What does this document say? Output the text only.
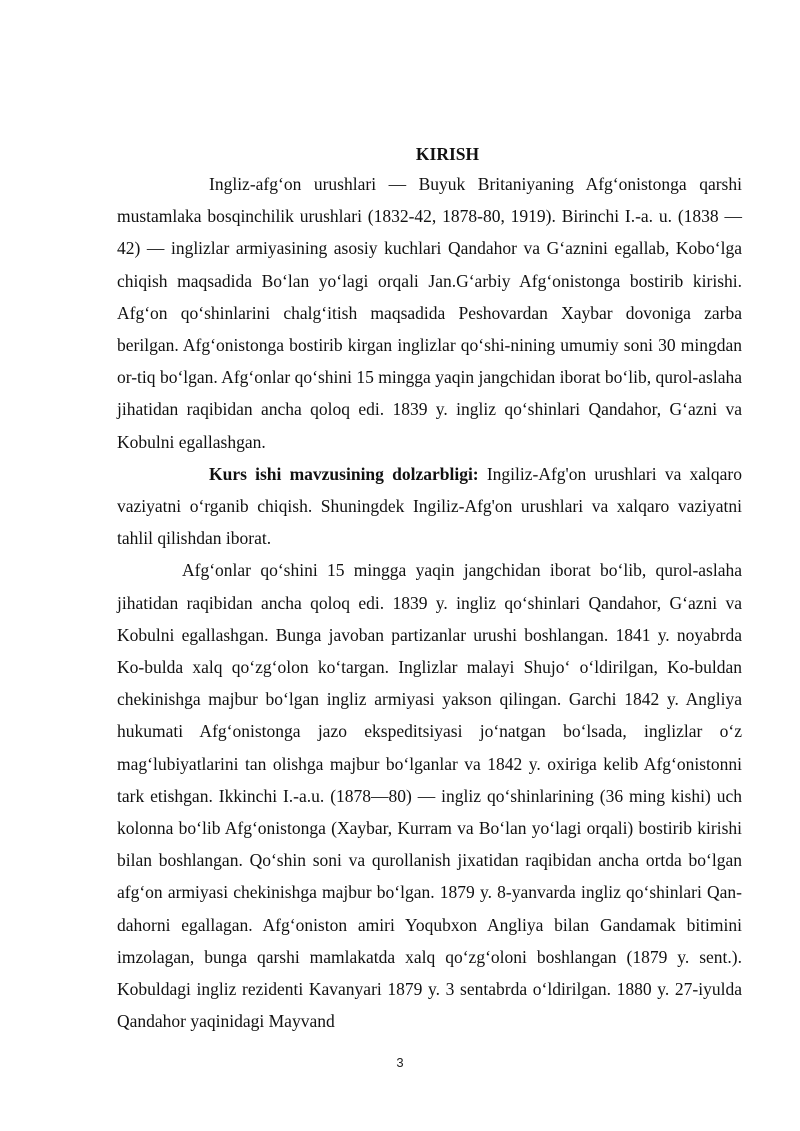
KIRISH

Ingliz-afg‘on urushlari — Buyuk Britaniyaning Afg‘onistonga qarshi mustamlaka bosqinchilik urushlari (1832-42, 1878-80, 1919). Birinchi I.-a. u. (1838 —42) — inglizlar armiyasining asosiy kuchlari Qandahor va G‘aznini egallab, Kobo‘lga chiqish maqsadida Bo‘lan yo‘lagi orqali Jan.G‘arbiy Afg‘onistonga bostirib kirishi. Afg‘on qo‘shinlarini chalg‘itish maqsadida Peshovardan Xaybar dovoniga zarba berilgan. Afg‘onistonga bostirib kirgan inglizlar qo‘shi-nining umumiy soni 30 mingdan or-tiq bo‘lgan. Afg‘onlar qo‘shini 15 mingga yaqin jangchidan iborat bo‘lib, qurol-aslaha jihatidan raqibidan ancha qoloq edi. 1839 y. ingliz qo‘shinlari Qandahor, G‘azni va Kobulni egallashgan.

Kurs ishi mavzusining dolzarbligi: Ingiliz-Afg'on urushlari va xalqaro vaziyatni o‘rganib chiqish. Shuningdek Ingiliz-Afg'on urushlari va xalqaro vaziyatni tahlil qilishdan iborat.

Afg‘onlar qo‘shini 15 mingga yaqin jangchidan iborat bo‘lib, qurol-aslaha jihatidan raqibidan ancha qoloq edi. 1839 y. ingliz qo‘shinlari Qandahor, G‘azni va Kobulni egallashgan. Bunga javoban partizanlar urushi boshlangan. 1841 y. noyabrda Ko-bulda xalq qo‘zg‘olon ko‘targan. Inglizlar malayi Shujo‘ o‘ldirilgan, Ko-buldan chekinishga majbur bo‘lgan ingliz armiyasi yakson qilingan. Garchi 1842 y. Angliya hukumati Afg‘onistonga jazo ekspeditsiyasi jo‘natgan bo‘lsada, inglizlar o‘z mag‘lubiyatlarini tan olishga majbur bo‘lganlar va 1842 y. oxiriga kelib Afg‘onistonni tark etishgan. Ikkinchi I.-a.u. (1878—80) — ingliz qo‘shinlarining (36 ming kishi) uch kolonna bo‘lib Afg‘onistonga (Xaybar, Kurram va Bo‘lan yo‘lagi orqali) bostirib kirishi bilan boshlangan. Qo‘shin soni va qurollanish jixatidan raqibidan ancha ortda bo‘lgan afg‘on armiyasi chekinishga majbur bo‘lgan. 1879 y. 8-yanvarda ingliz qo‘shinlari Qan-dahorni egallagan. Afg‘oniston amiri Yoqubxon Angliya bilan Gandamak bitimini imzolagan, bunga qarshi mamlakatda xalq qo‘zg‘oloni boshlangan (1879 y. sent.). Kobuldagi ingliz rezidenti Kavanyari 1879 y. 3 sentabrda o‘ldirilgan. 1880 y. 27-iyulda Qandahor yaqinidagi Mayvand

3
